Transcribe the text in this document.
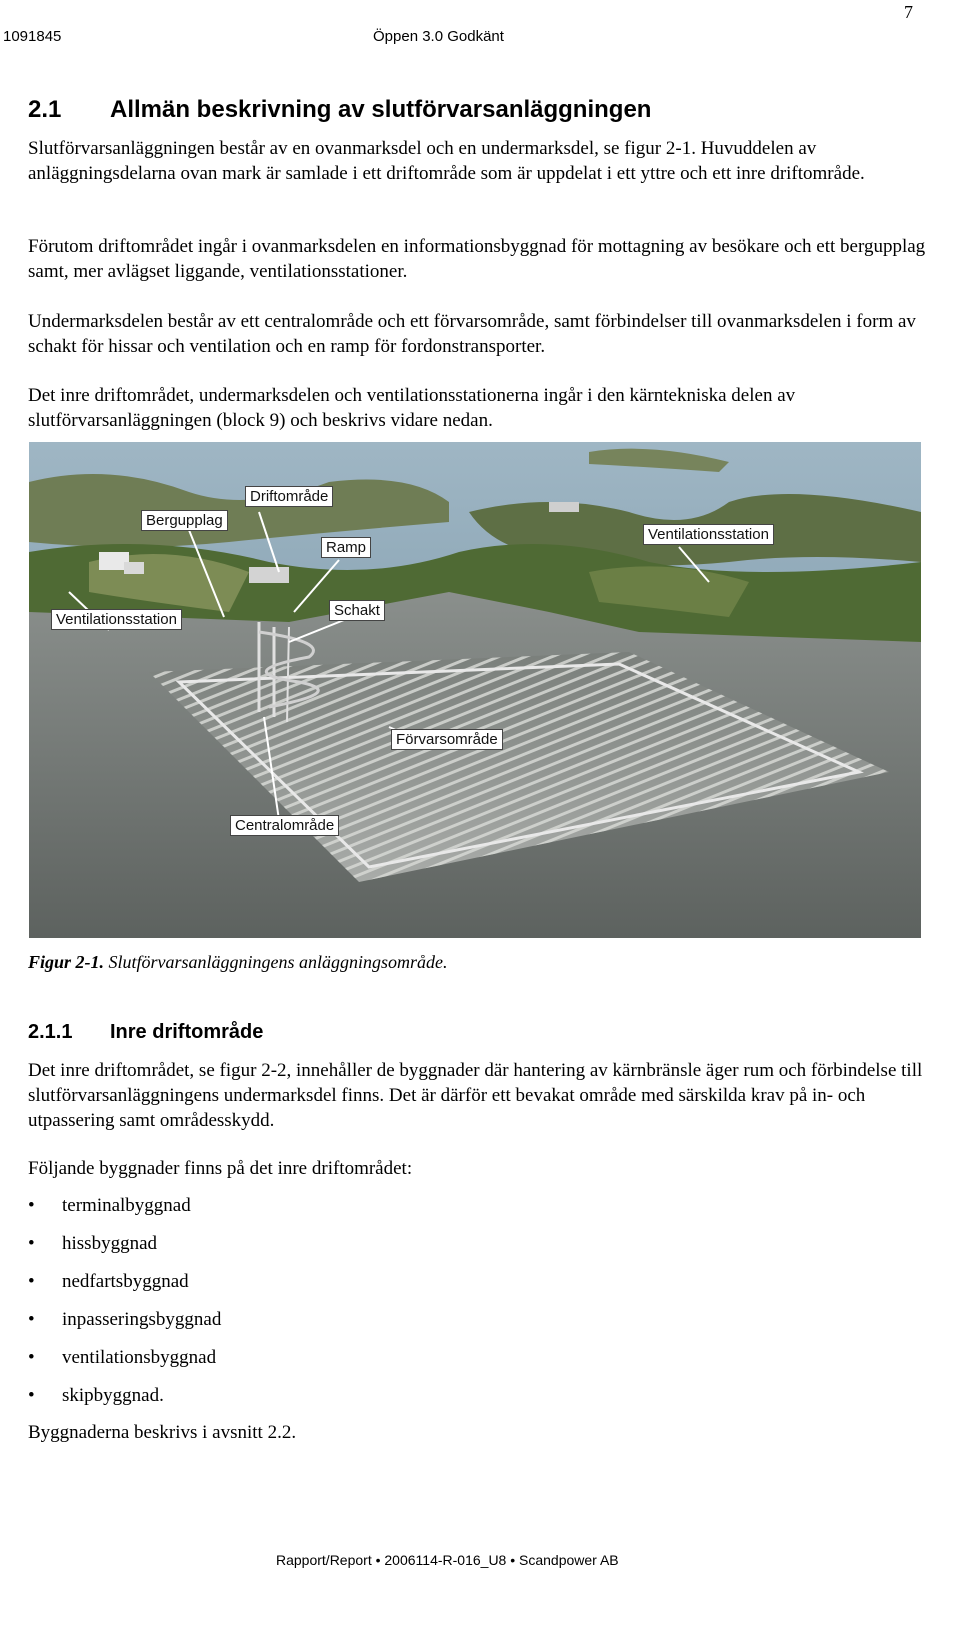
1091845	Öppen 3.0 Godkänt
7
2.1 Allmän beskrivning av slutförvarsanläggningen
Slutförvarsanläggningen består av en ovanmarksdel och en undermarksdel, se figur 2-1. Huvuddelen av anläggningsdelarna ovan mark är samlade i ett driftområde som är uppdelat i ett yttre och ett inre driftområde.
Förutom driftområdet ingår i ovanmarksdelen en informationsbyggnad för mottagning av besökare och ett bergupplag samt, mer avlägset liggande, ventilationsstationer.
Undermarksdelen består av ett centralområde och ett förvarsområde, samt förbindelser till ovanmarksdelen i form av schakt för hissar och ventilation och en ramp för fordonstransporter.
Det inre driftområdet, undermarksdelen och ventilationsstationerna ingår i den kärntekniska delen av slutförvarsanläggningen (block 9) och beskrivs vidare nedan.
Driftområde
Bergupplag
Ramp
Ventilationsstation
Ventilationsstation
Schakt
Förvarsområde
Centralområde
Figur 2-1. Slutförvarsanläggningens anläggningsområde.
2.1.1 Inre driftområde
Det inre driftområdet, se figur 2-2, innehåller de byggnader där hantering av kärnbränsle äger rum och förbindelse till slutförvarsanläggningens undermarksdel finns. Det är därför ett bevakat område med särskilda krav på in- och utpassering samt områdesskydd.
Följande byggnader finns på det inre driftområdet:
• terminalbyggnad
• hissbyggnad
• nedfartsbyggnad
• inpasseringsbyggnad
• ventilationsbyggnad
• skipbyggnad.
Byggnaderna beskrivs i avsnitt 2.2.
Rapport/Report • 2006114-R-016_U8 • Scandpower AB
